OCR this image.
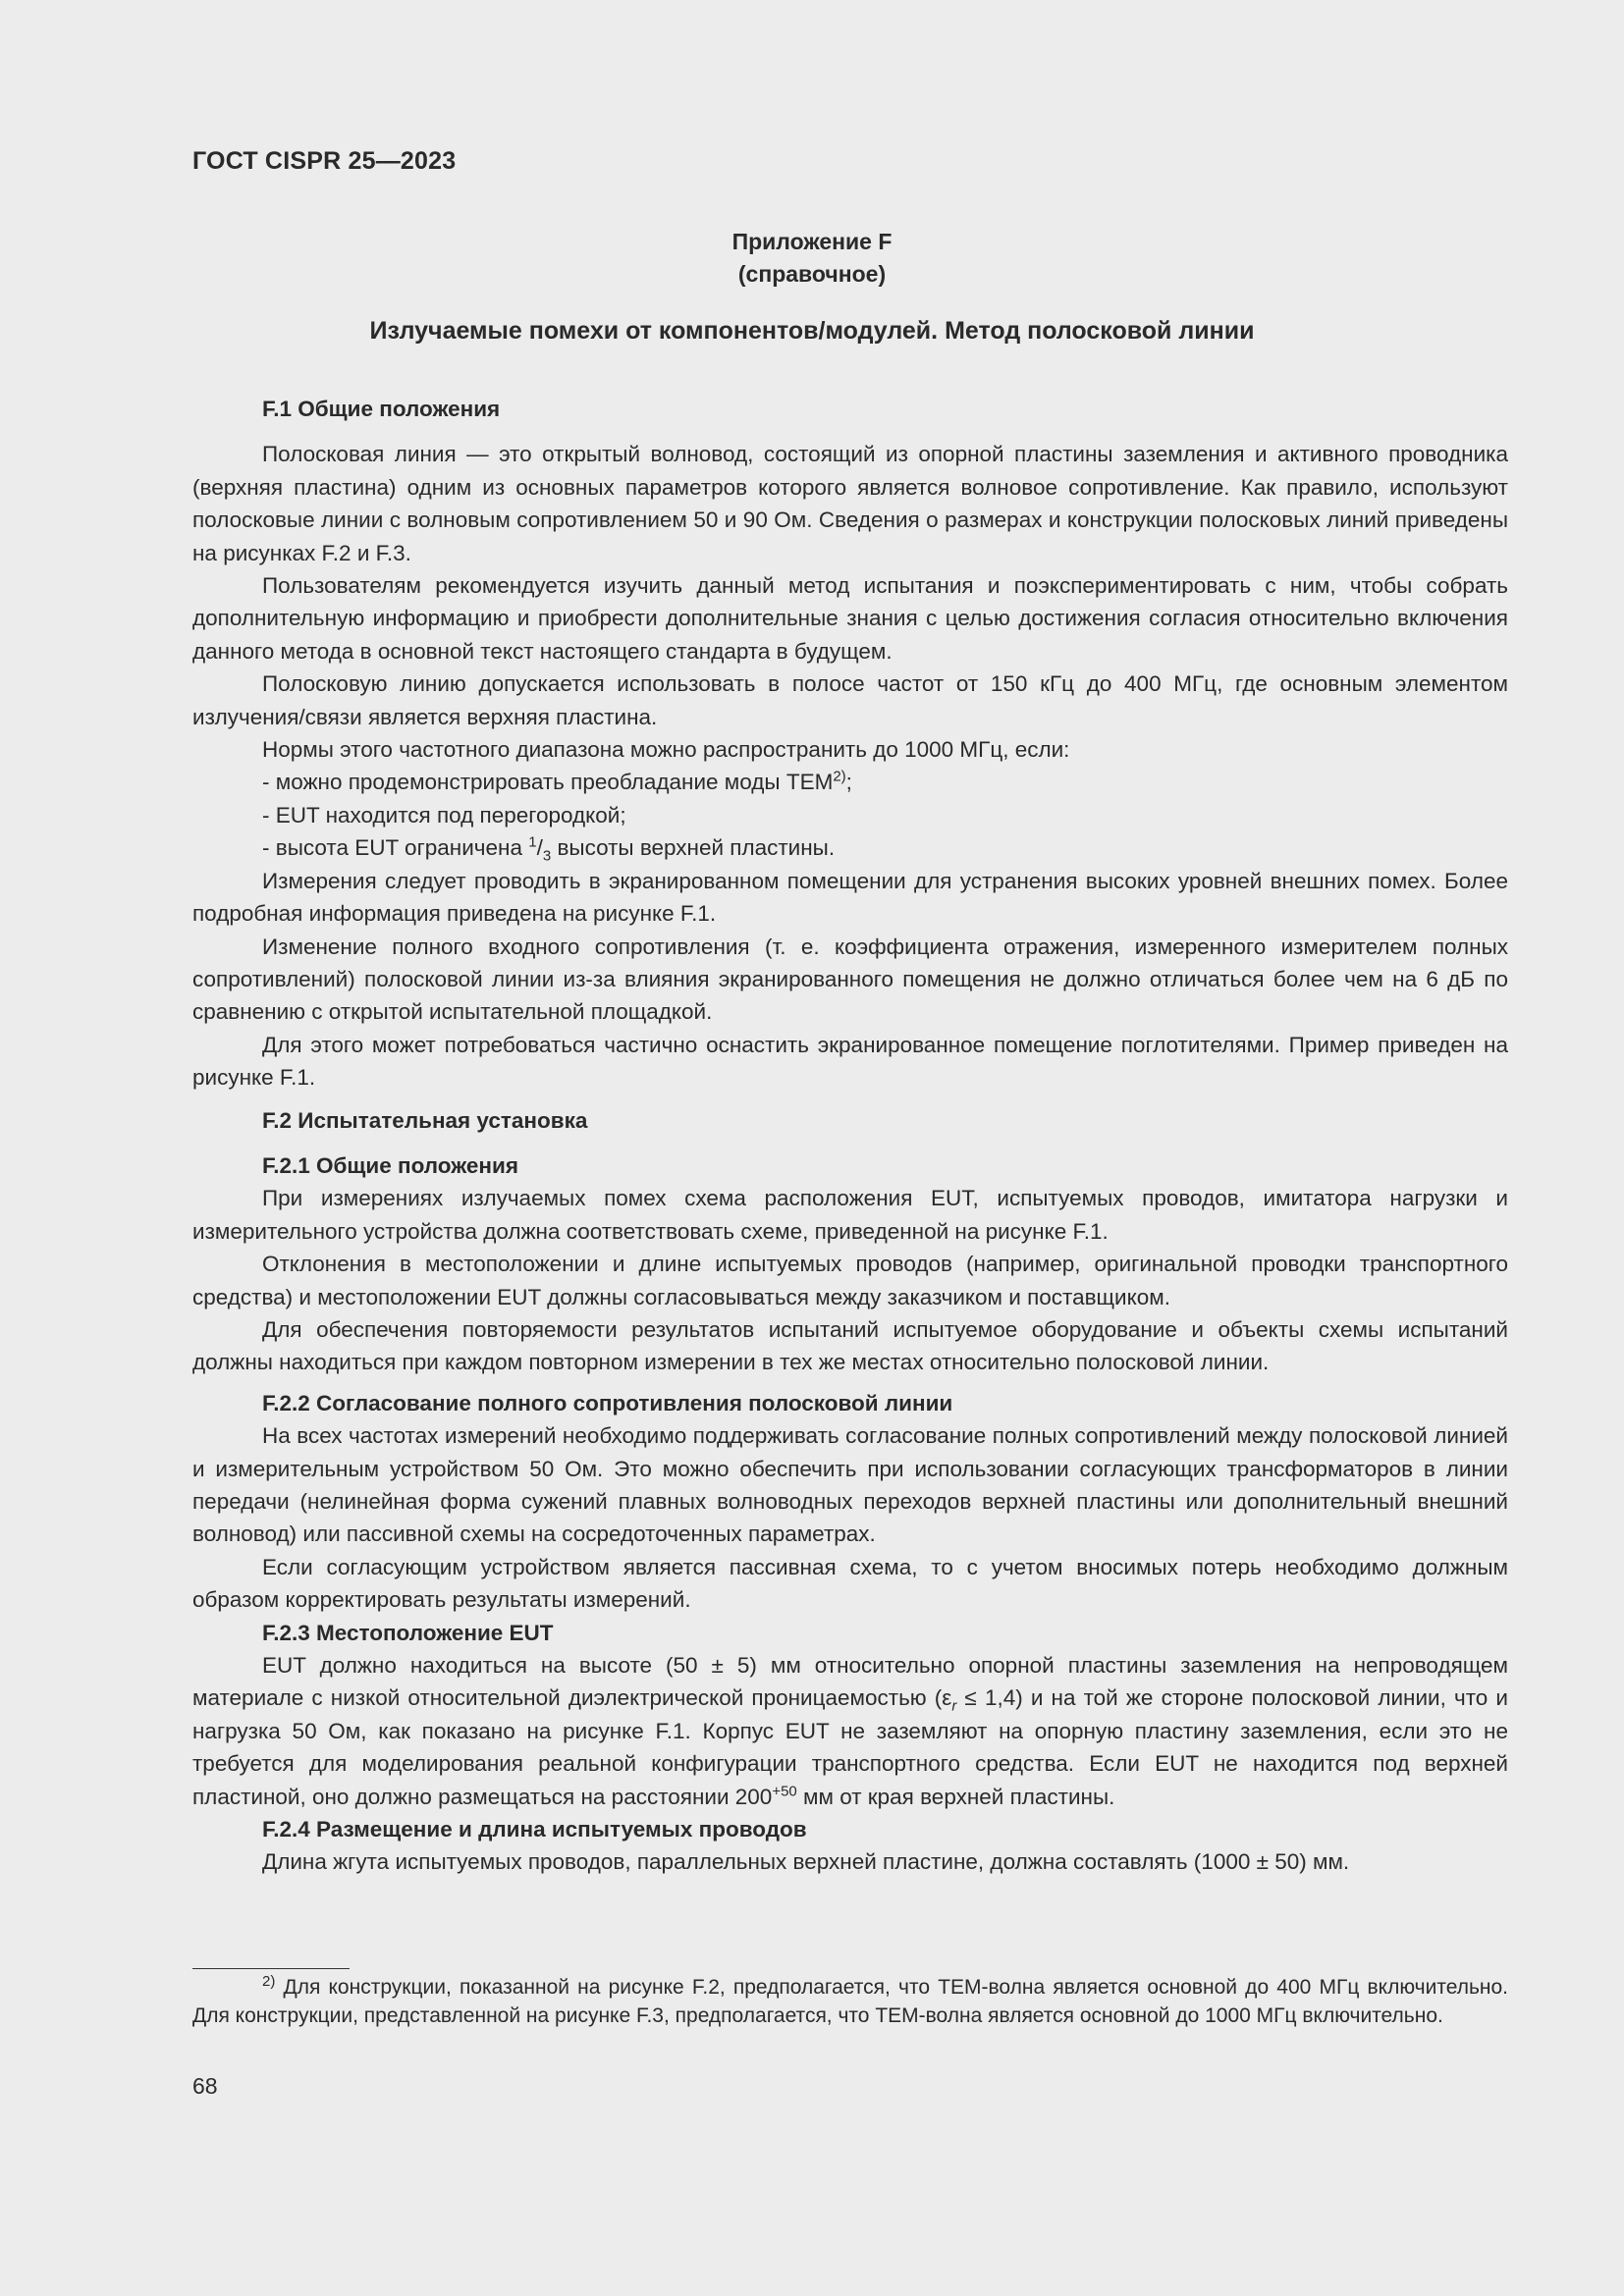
ГОСТ CISPR 25—2023
Приложение F
(справочное)
Излучаемые помехи от компонентов/модулей. Метод полосковой линии
F.1 Общие положения

Полосковая линия — это открытый волновод, состоящий из опорной пластины заземления и активного проводника (верхняя пластина) одним из основных параметров которого является волновое сопротивление. Как правило, используют полосковые линии с волновым сопротивлением 50 и 90 Ом. Сведения о размерах и конструкции полосковых линий приведены на рисунках F.2 и F.3.

Пользователям рекомендуется изучить данный метод испытания и поэкспериментировать с ним, чтобы собрать дополнительную информацию и приобрести дополнительные знания с целью достижения согласия относительно включения данного метода в основной текст настоящего стандарта в будущем.

Полосковую линию допускается использовать в полосе частот от 150 кГц до 400 МГц, где основным элементом излучения/связи является верхняя пластина.

Нормы этого частотного диапазона можно распространить до 1000 МГц, если:

- можно продемонстрировать преобладание моды ТЕМ$^{2)}$;

- EUT находится под перегородкой;

- высота EUT ограничена $^1/_3$ высоты верхней пластины.

Измерения следует проводить в экранированном помещении для устранения высоких уровней внешних помех. Более подробная информация приведена на рисунке F.1.

Изменение полного входного сопротивления (т. е. коэффициента отражения, измеренного измерителем полных сопротивлений) полосковой линии из-за влияния экранированного помещения не должно отличаться более чем на 6 дБ по сравнению с открытой испытательной площадкой.

Для этого может потребоваться частично оснастить экранированное помещение поглотителями. Пример приведен на рисунке F.1.

F.2 Испытательная установка
F.2.1 Общие положения

При измерениях излучаемых помех схема расположения EUT, испытуемых проводов, имитатора нагрузки и измерительного устройства должна соответствовать схеме, приведенной на рисунке F.1.

Отклонения в местоположении и длине испытуемых проводов (например, оригинальной проводки транспортного средства) и местоположении EUT должны согласовываться между заказчиком и поставщиком.

Для обеспечения повторяемости результатов испытаний испытуемое оборудование и объекты схемы испытаний должны находиться при каждом повторном измерении в тех же местах относительно полосковой линии.

F.2.2 Согласование полного сопротивления полосковой линии

На всех частотах измерений необходимо поддерживать согласование полных сопротивлений между полосковой линией и измерительным устройством 50 Ом. Это можно обеспечить при использовании согласующих трансформаторов в линии передачи (нелинейная форма сужений плавных волноводных переходов верхней пластины или дополнительный внешний волновод) или пассивной схемы на сосредоточенных параметрах.

Если согласующим устройством является пассивная схема, то с учетом вносимых потерь необходимо должным образом корректировать результаты измерений.

F.2.3 Местоположение EUT

EUT должно находиться на высоте (50 ± 5) мм относительно опорной пластины заземления на непроводящем материале с низкой относительной диэлектрической проницаемостью $(\varepsilon_r \le 1,4)$ и на той же стороне полосковой линии, что и нагрузка 50 Ом, как показано на рисунке F.1. Корпус EUT не заземляют на опорную пластину заземления, если это не требуется для моделирования реальной конфигурации транспортного средства. Если EUT не находится под верхней пластиной, оно должно размещаться на расстоянии $200^{+50}$ мм от края верхней пластины.

F.2.4 Размещение и длина испытуемых проводов

Длина жгута испытуемых проводов, параллельных верхней пластине, должна составлять (1000 ± 50) мм.

$^{2)}$ Для конструкции, показанной на рисунке F.2, предполагается, что ТЕМ-волна является основной до 400 МГц включительно. Для конструкции, представленной на рисунке F.3, предполагается, что ТЕМ-волна является основной до 1000 МГц включительно.
68
